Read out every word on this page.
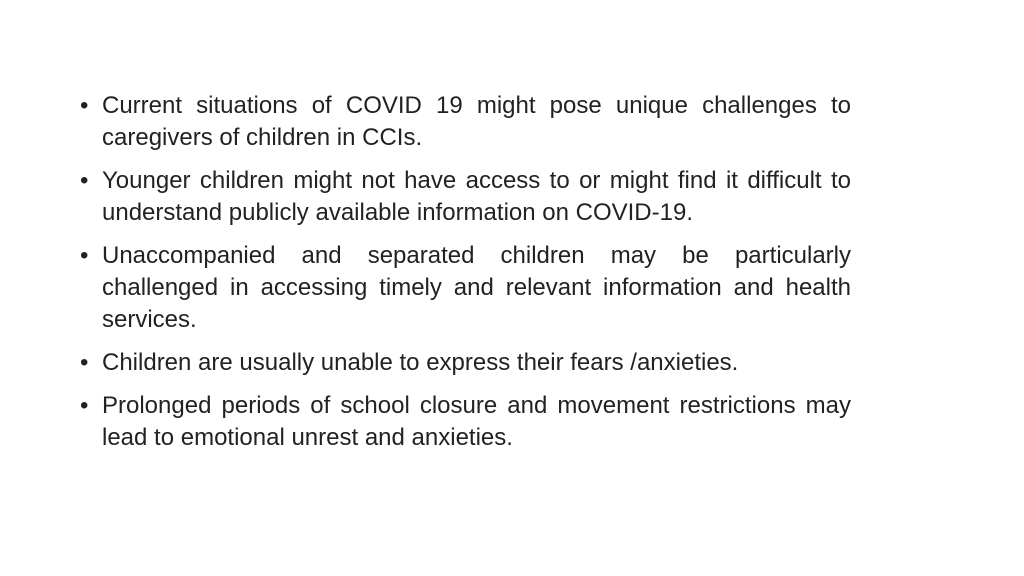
• Current situations of COVID 19 might pose unique challenges to caregivers of children in CCIs.
• Younger children might not have access to or might find it difficult to understand publicly available information on COVID-19.
• Unaccompanied and separated children may be particularly challenged in accessing timely and relevant information and health services.
• Children are usually unable to express their fears /anxieties.
• Prolonged periods of school closure and movement restrictions may lead to emotional unrest and anxieties.
